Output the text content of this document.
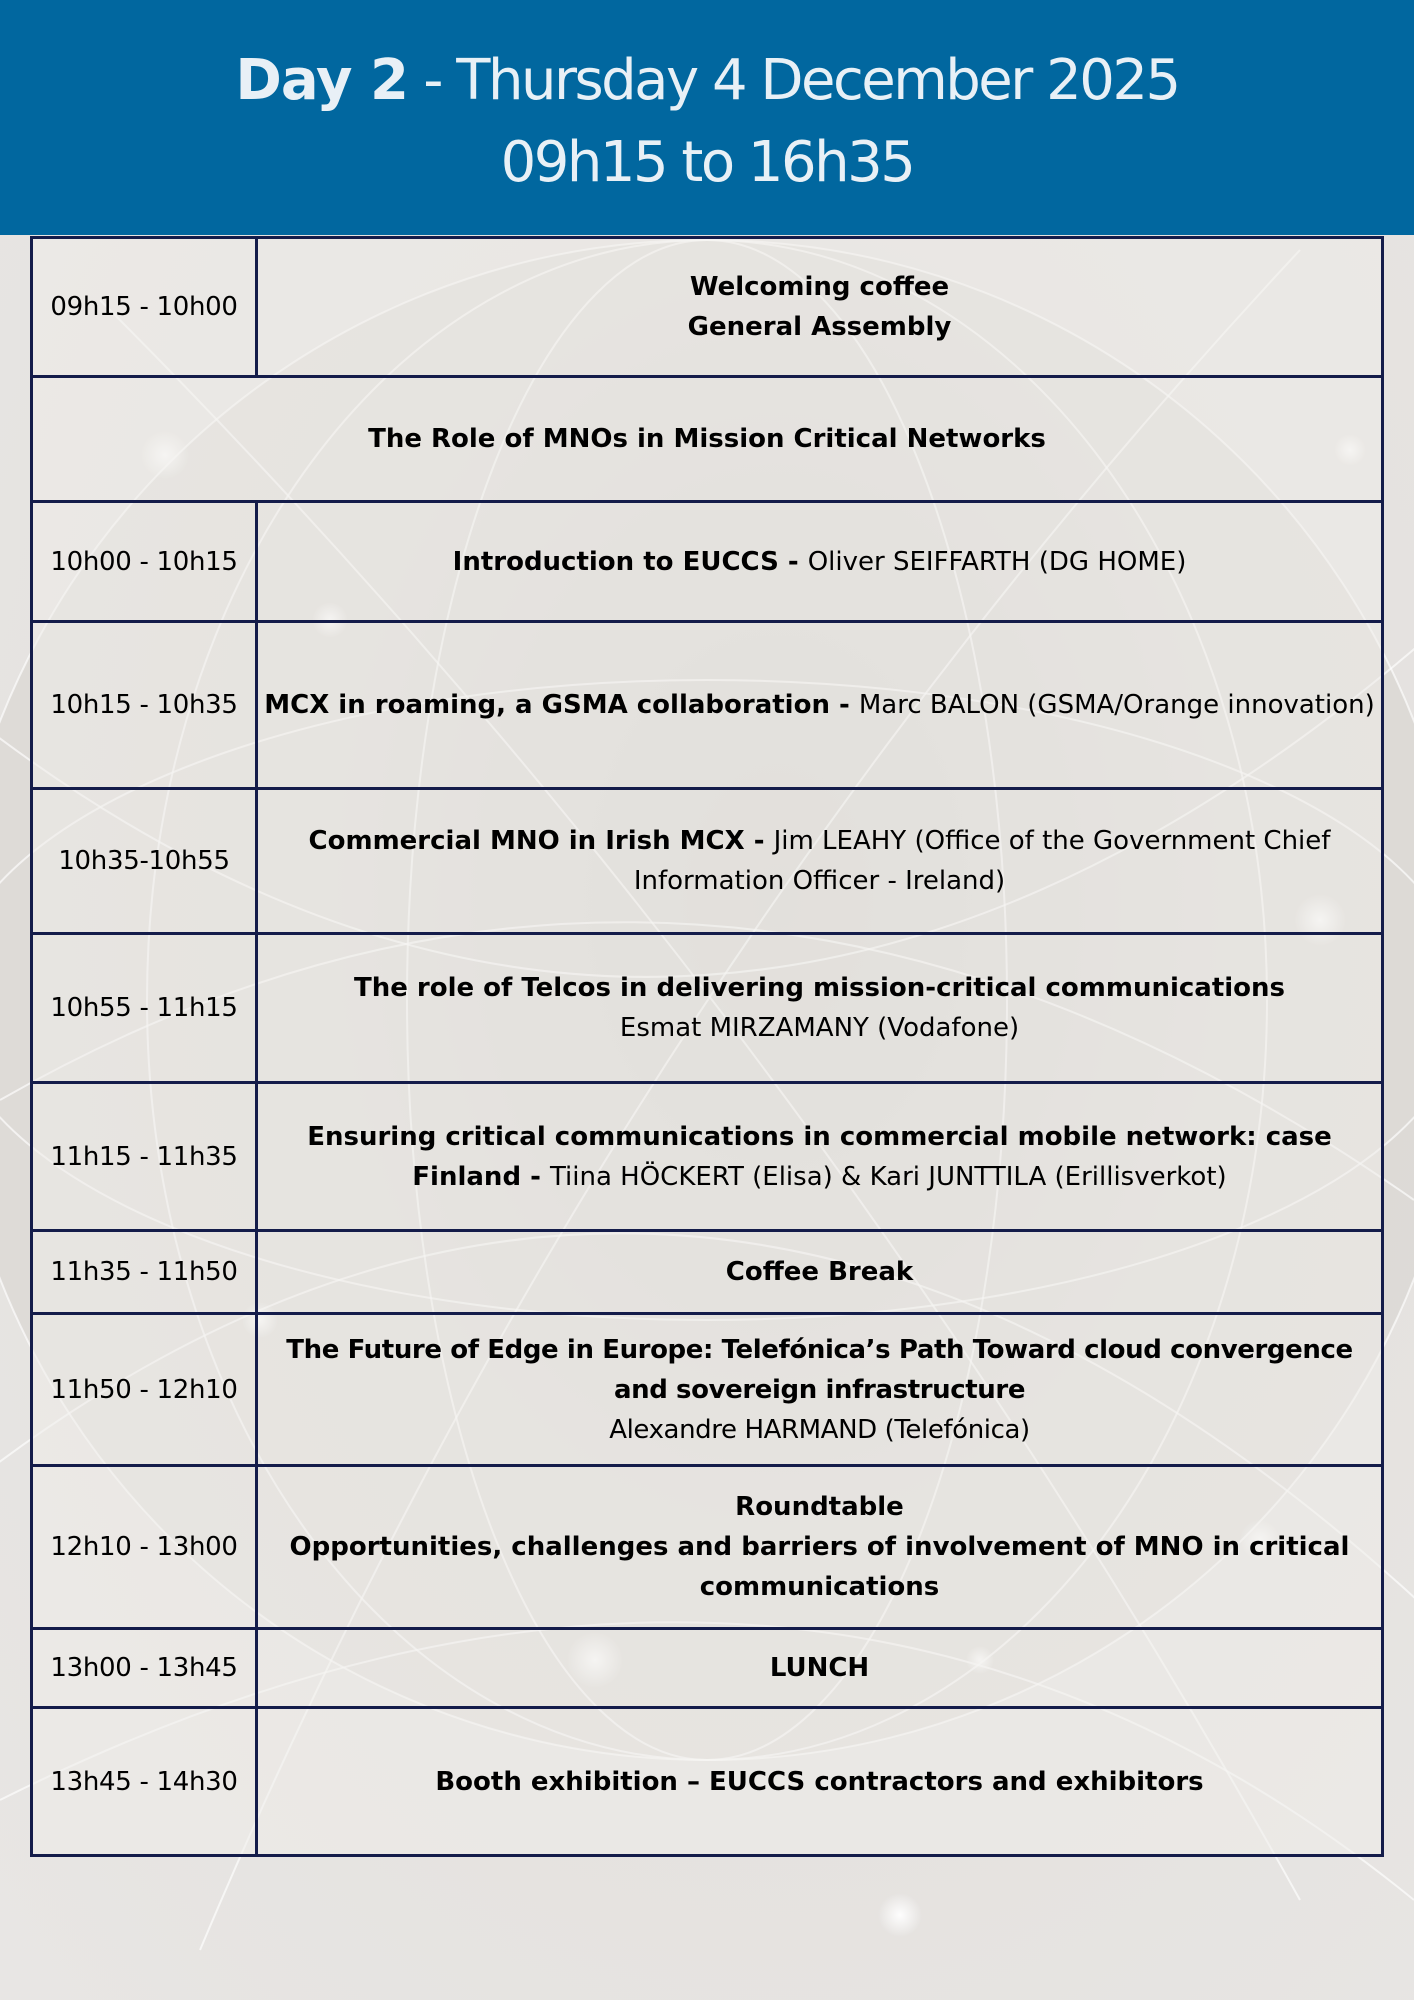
Day 2 - Thursday 4 December 2025
09h15 to 16h35
09h15 - 10h00	Welcoming coffee
General Assembly
The Role of MNOs in Mission Critical Networks	
10h00 - 10h15	Introduction to EUCCS - Oliver SEIFFARTH (DG HOME)
10h15 - 10h35	MCX in roaming, a GSMA collaboration - Marc BALON (GSMA/Orange innovation)
10h35-10h55	Commercial MNO in Irish MCX - Jim LEAHY (Office of the Government Chief Information Officer - Ireland)
10h55 - 11h15	The role of Telcos in delivering mission-critical communications
Esmat MIRZAMANY (Vodafone)
11h15 - 11h35	Ensuring critical communications in commercial mobile network: case Finland - Tiina HÖCKERT (Elisa) & Kari JUNTTILA (Erillisverkot)
11h35 - 11h50	Coffee Break
11h50 - 12h10	The Future of Edge in Europe: Telefónica’s Path Toward cloud convergence and sovereign infrastructure
Alexandre HARMAND (Telefónica)
12h10 - 13h00	Roundtable
Opportunities, challenges and barriers of involvement of MNO in critical communications
13h00 - 13h45	LUNCH
13h45 - 14h30	Booth exhibition – EUCCS contractors and exhibitors
